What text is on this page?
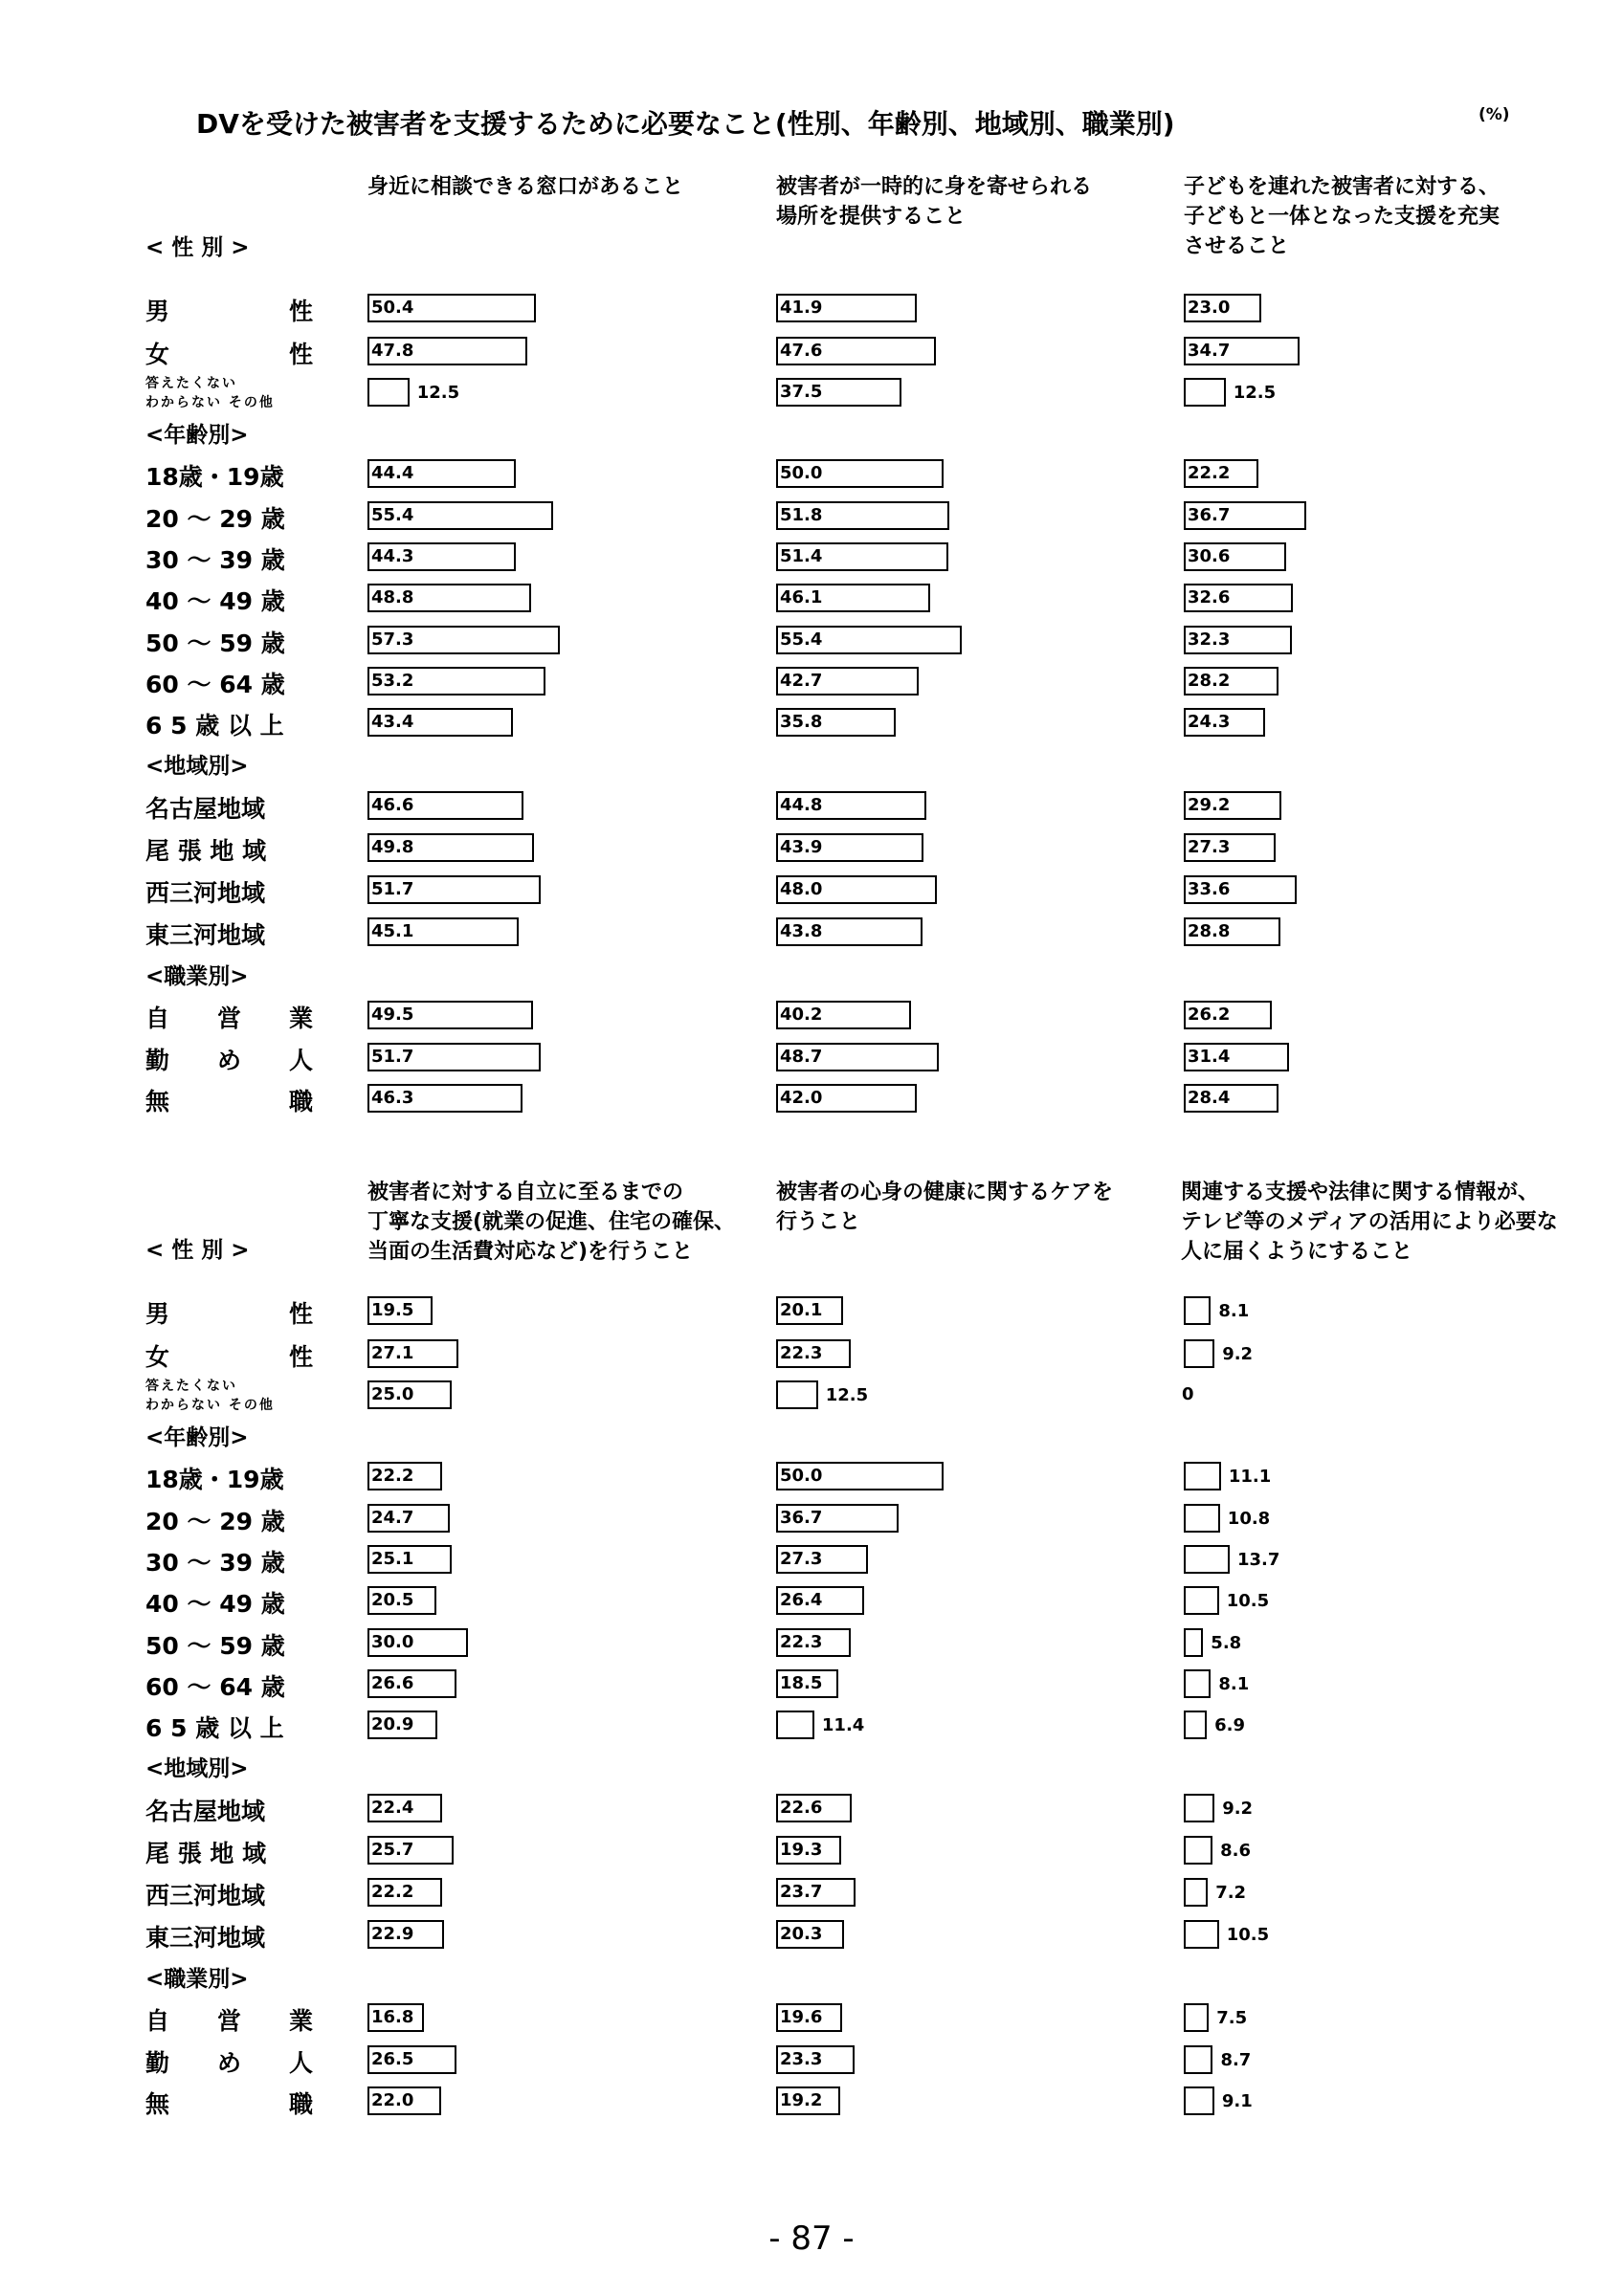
DVを受けた被害者を支援するために必要なこと(性別、年齢別、地域別、職業別)	(%)
< 性 別 >
<年齢別>
<地域別>
<職業別>
男　　　　性
女　　　　性
答えたくない
わからない その他
18歳・19歳
20 ～ 29 歳
30 ～ 39 歳
40 ～ 49 歳
50 ～ 59 歳
60 ～ 64 歳
6 5 歳 以 上
名古屋地域
尾 張 地 域
西三河地域
東三河地域
自　　営　　業
勤　　め　　人
無　　　　職
身近に相談できる窓口があること
50.4
47.8
12.5
44.4
55.4
44.3
48.8
57.3
53.2
43.4
46.6
49.8
51.7
45.1
49.5
51.7
46.3
被害者が一時的に身を寄せられる
場所を提供すること
41.9
47.6
37.5
50.0
51.8
51.4
46.1
55.4
42.7
35.8
44.8
43.9
48.0
43.8
40.2
48.7
42.0
子どもを連れた被害者に対する、
子どもと一体となった支援を充実
させること
23.0
34.7
12.5
22.2
36.7
30.6
32.6
32.3
28.2
24.3
29.2
27.3
33.6
28.8
26.2
31.4
28.4
< 性 別 >
<年齢別>
<地域別>
<職業別>
男　　　　性
女　　　　性
答えたくない
わからない その他
18歳・19歳
20 ～ 29 歳
30 ～ 39 歳
40 ～ 49 歳
50 ～ 59 歳
60 ～ 64 歳
6 5 歳 以 上
名古屋地域
尾 張 地 域
西三河地域
東三河地域
自　　営　　業
勤　　め　　人
無　　　　職
被害者に対する自立に至るまでの
丁寧な支援(就業の促進、住宅の確保、
当面の生活費対応など)を行うこと
19.5
27.1
25.0
22.2
24.7
25.1
20.5
30.0
26.6
20.9
22.4
25.7
22.2
22.9
16.8
26.5
22.0
被害者の心身の健康に関するケアを
行うこと
20.1
22.3
12.5
50.0
36.7
27.3
26.4
22.3
18.5
11.4
22.6
19.3
23.7
20.3
19.6
23.3
19.2
関連する支援や法律に関する情報が、
テレビ等のメディアの活用により必要な
人に届くようにすること
8.1
9.2
0
11.1
10.8
13.7
10.5
5.8
8.1
6.9
9.2
8.6
7.2
10.5
7.5
8.7
9.1
- 87 -
